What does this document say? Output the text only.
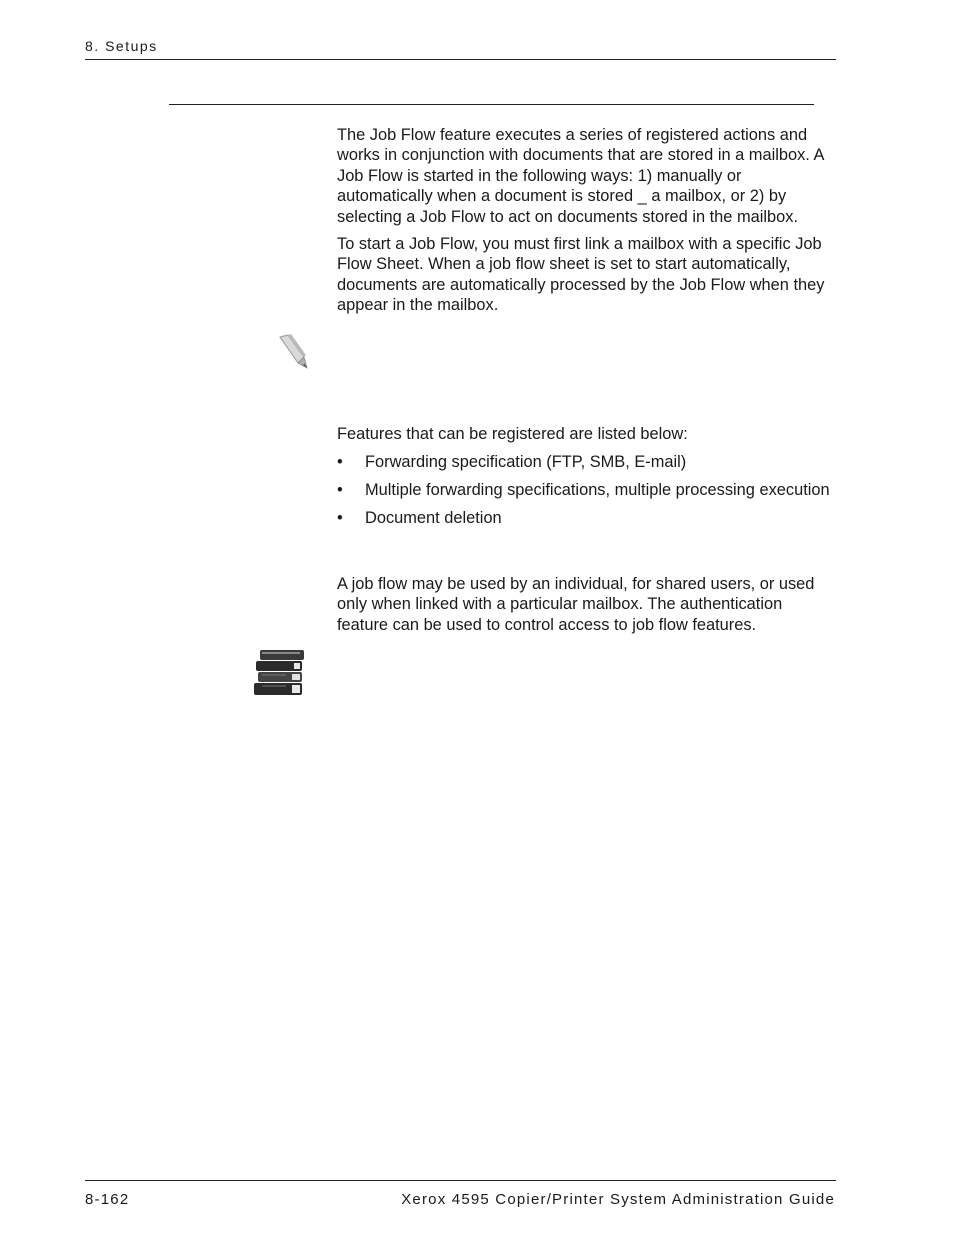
8. Setups

The Job Flow feature executes a series of registered actions and works in conjunction with documents that are stored in a mailbox. A Job Flow is started in the following ways: 1) manually or automatically when a document is stored _ a mailbox, or 2) by selecting a Job Flow to act on documents stored in the mailbox.

To start a Job Flow, you must first link a mailbox with a specific Job Flow Sheet. When a job flow sheet is set to start automatically, documents are automatically processed by the Job Flow when they appear in the mailbox.

Features that can be registered are listed below:

• Forwarding specification (FTP, SMB, E-mail)
• Multiple forwarding specifications, multiple processing execution
• Document deletion

A job flow may be used by an individual, for shared users, or used only when linked with a particular mailbox. The authentication feature can be used to control access to job flow features.

8-162	Xerox 4595 Copier/Printer System Administration Guide
